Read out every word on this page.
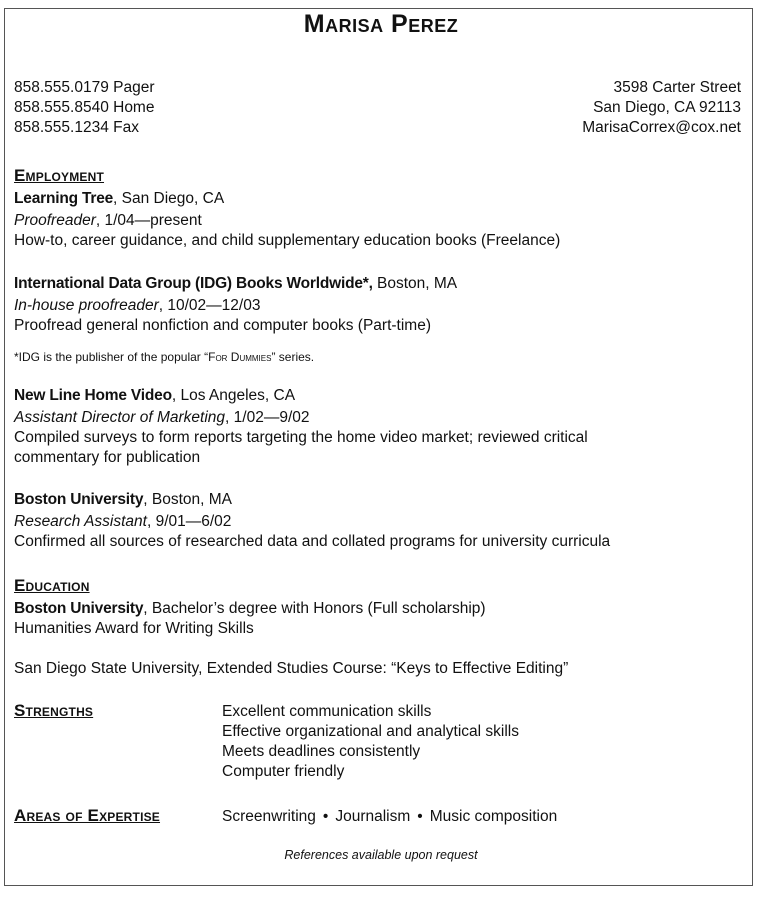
Marisa Perez
858.555.0179 Pager
858.555.8540 Home
858.555.1234 Fax
3598 Carter Street
San Diego, CA 92113
MarisaCorrex@cox.net
Employment
Learning Tree, San Diego, CA
Proofreader, 1/04—present
How-to, career guidance, and child supplementary education books (Freelance)
International Data Group (IDG) Books Worldwide*, Boston, MA
In-house proofreader, 10/02—12/03
Proofread general nonfiction and computer books (Part-time)
*IDG is the publisher of the popular “For Dummies” series.
New Line Home Video, Los Angeles, CA
Assistant Director of Marketing, 1/02—9/02
Compiled surveys to form reports targeting the home video market; reviewed critical
commentary for publication
Boston University, Boston, MA
Research Assistant, 9/01—6/02
Confirmed all sources of researched data and collated programs for university curricula
Education
Boston University, Bachelor’s degree with Honors (Full scholarship)
Humanities Award for Writing Skills
San Diego State University, Extended Studies Course: “Keys to Effective Editing”
Strengths	Excellent communication skills
Effective organizational and analytical skills
Meets deadlines consistently
Computer friendly
Areas of Expertise	Screenwriting • Journalism • Music composition
References available upon request
